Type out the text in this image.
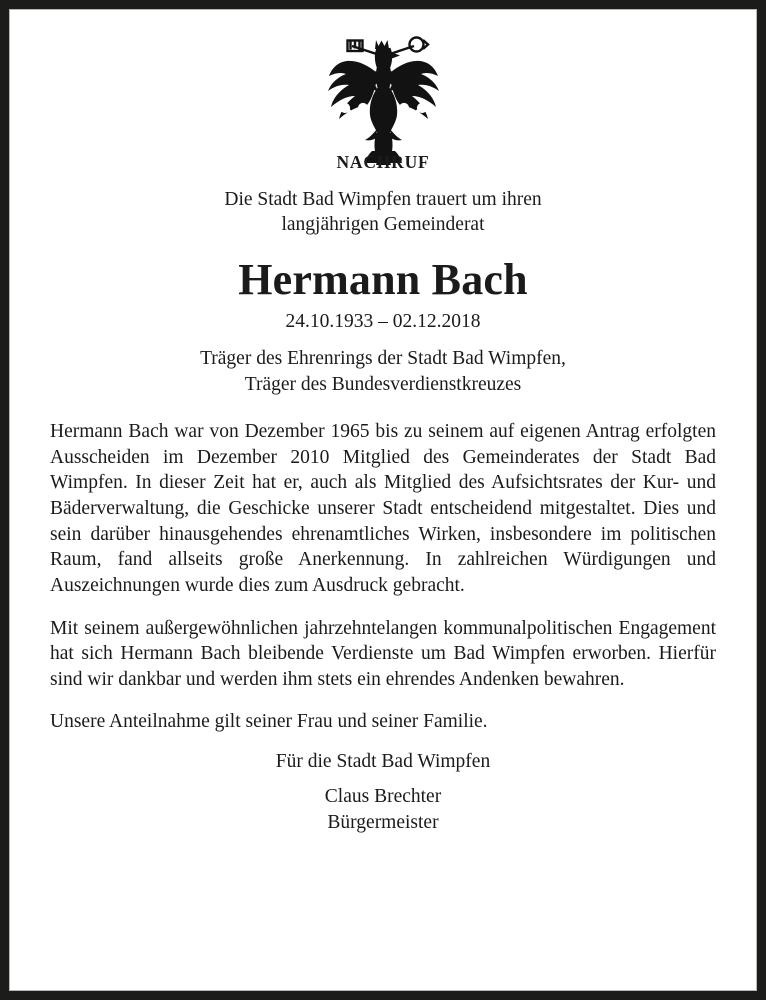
NACHRUF
Die Stadt Bad Wimpfen trauert um ihren
langjährigen Gemeinderat
Hermann Bach
24.10.1933 – 02.12.2018
Träger des Ehrenrings der Stadt Bad Wimpfen,
Träger des Bundesverdienstkreuzes

Hermann Bach war von Dezember 1965 bis zu seinem auf eigenen Antrag erfolgten Ausscheiden im Dezember 2010 Mitglied des Gemeinderates der Stadt Bad Wimpfen. In dieser Zeit hat er, auch als Mitglied des Aufsichtsrates der Kur- und Bäderverwaltung, die Geschicke unserer Stadt entscheidend mitgestaltet. Dies und sein darüber hinausgehendes ehrenamtliches Wirken, insbesondere im politischen Raum, fand allseits große Anerkennung. In zahlreichen Würdigungen und Auszeichnungen wurde dies zum Ausdruck gebracht.

Mit seinem außergewöhnlichen jahrzehntelangen kommunalpolitischen Engagement hat sich Hermann Bach bleibende Verdienste um Bad Wimpfen erworben. Hierfür sind wir dankbar und werden ihm stets ein ehrendes Andenken bewahren.

Unsere Anteilnahme gilt seiner Frau und seiner Familie.

Für die Stadt Bad Wimpfen
Claus Brechter
Bürgermeister
